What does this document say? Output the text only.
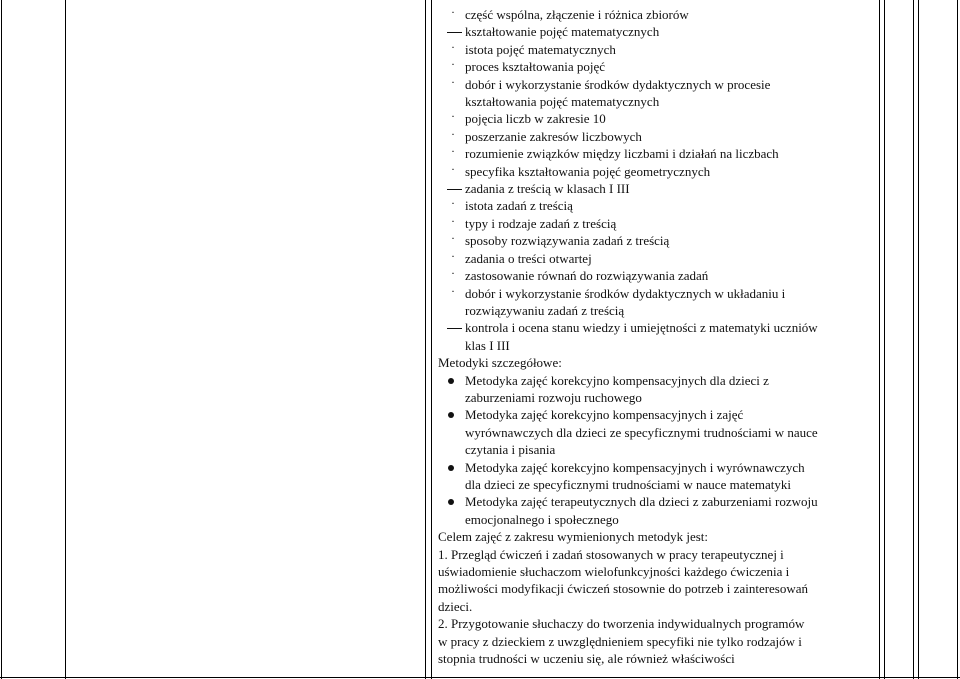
· część wspólna, złączenie i różnica zbiorów
kształtowanie pojęć matematycznych
· istota pojęć matematycznych
· proces kształtowania pojęć
· dobór i wykorzystanie środków dydaktycznych w procesie
kształtowania pojęć matematycznych
· pojęcia liczb w zakresie 10
· poszerzanie zakresów liczbowych
· rozumienie związków między liczbami i działań na liczbach
· specyfika kształtowania pojęć geometrycznych
zadania z treścią w klasach I III
· istota zadań z treścią
· typy i rodzaje zadań z treścią
· sposoby rozwiązywania zadań z treścią
· zadania o treści otwartej
· zastosowanie równań do rozwiązywania zadań
· dobór i wykorzystanie środków dydaktycznych w układaniu i
rozwiązywaniu zadań z treścią
kontrola i ocena stanu wiedzy i umiejętności z matematyki uczniów
klas I III
Metodyki szczegółowe:
Metodyka zajęć korekcyjno kompensacyjnych dla dzieci z
zaburzeniami rozwoju ruchowego
Metodyka zajęć korekcyjno kompensacyjnych i zajęć
wyrównawczych dla dzieci ze specyficznymi trudnościami w nauce
czytania i pisania
Metodyka zajęć korekcyjno kompensacyjnych i wyrównawczych
dla dzieci ze specyficznymi trudnościami w nauce matematyki
Metodyka zajęć terapeutycznych dla dzieci z zaburzeniami rozwoju
emocjonalnego i społecznego
Celem zajęć z zakresu wymienionych metodyk jest:
1. Przegląd ćwiczeń i zadań stosowanych w pracy terapeutycznej i
uświadomienie słuchaczom wielofunkcyjności każdego ćwiczenia i
możliwości modyfikacji ćwiczeń stosownie do potrzeb i zainteresowań
dzieci.
2. Przygotowanie słuchaczy do tworzenia indywidualnych programów
w pracy z dzieckiem z uwzględnieniem specyfiki nie tylko rodzajów i
stopnia trudności w uczeniu się, ale również właściwości
